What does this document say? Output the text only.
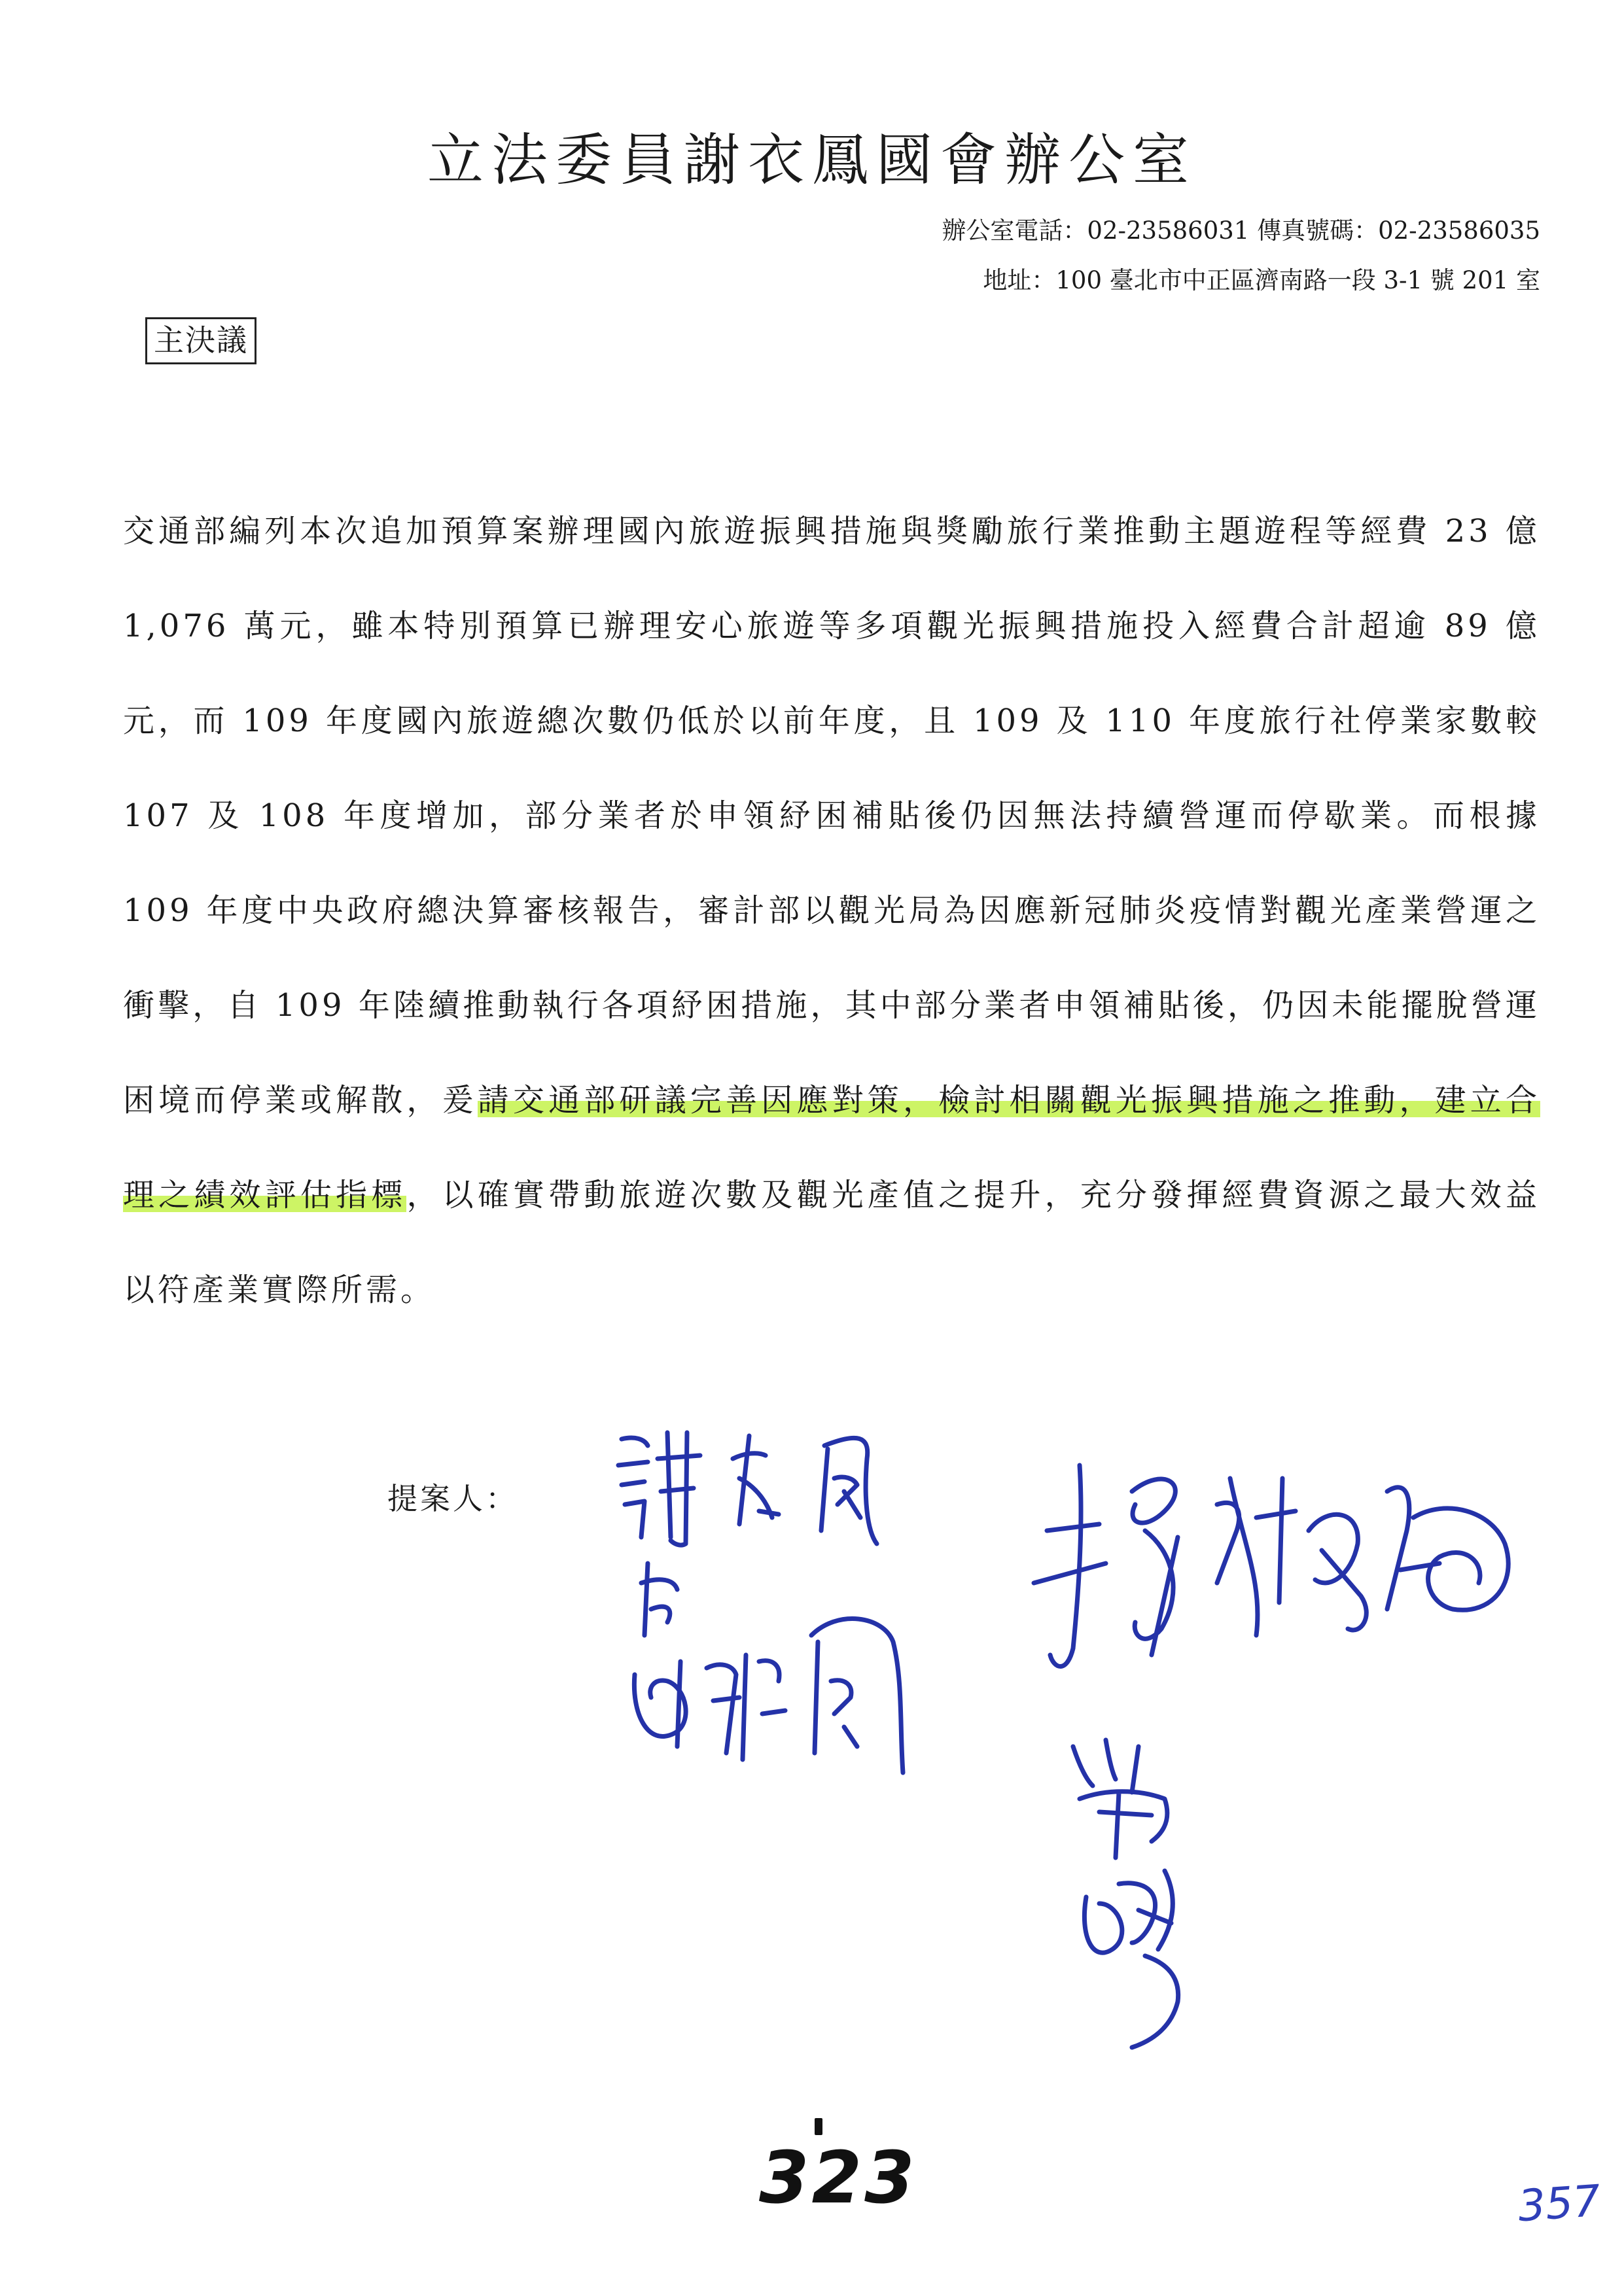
立法委員謝衣鳳國會辦公室
辦公室電話：02-23586031 傳真號碼：02-23586035
地址：100 臺北市中正區濟南路一段 3-1 號 201 室
主決議

交通部編列本次追加預算案辦理國內旅遊振興措施與獎勵旅行業推動主題遊程等經費 23 億 1,076 萬元，雖本特別預算已辦理安心旅遊等多項觀光振興措施投入經費合計超逾 89 億元，而 109 年度國內旅遊總次數仍低於以前年度，且 109 及 110 年度旅行社停業家數較 107 及 108 年度增加，部分業者於申領紓困補貼後仍因無法持續營運而停歇業。而根據 109 年度中央政府總決算審核報告，審計部以觀光局為因應新冠肺炎疫情對觀光產業營運之衝擊，自 109 年陸續推動執行各項紓困措施，其中部分業者申領補貼後，仍因未能擺脫營運困境而停業或解散，爰請交通部研議完善因應對策，檢討相關觀光振興措施之推動，建立合理之績效評估指標，以確實帶動旅遊次數及觀光產值之提升，充分發揮經費資源之最大效益以符產業實際所需。

提案人：
323	357
